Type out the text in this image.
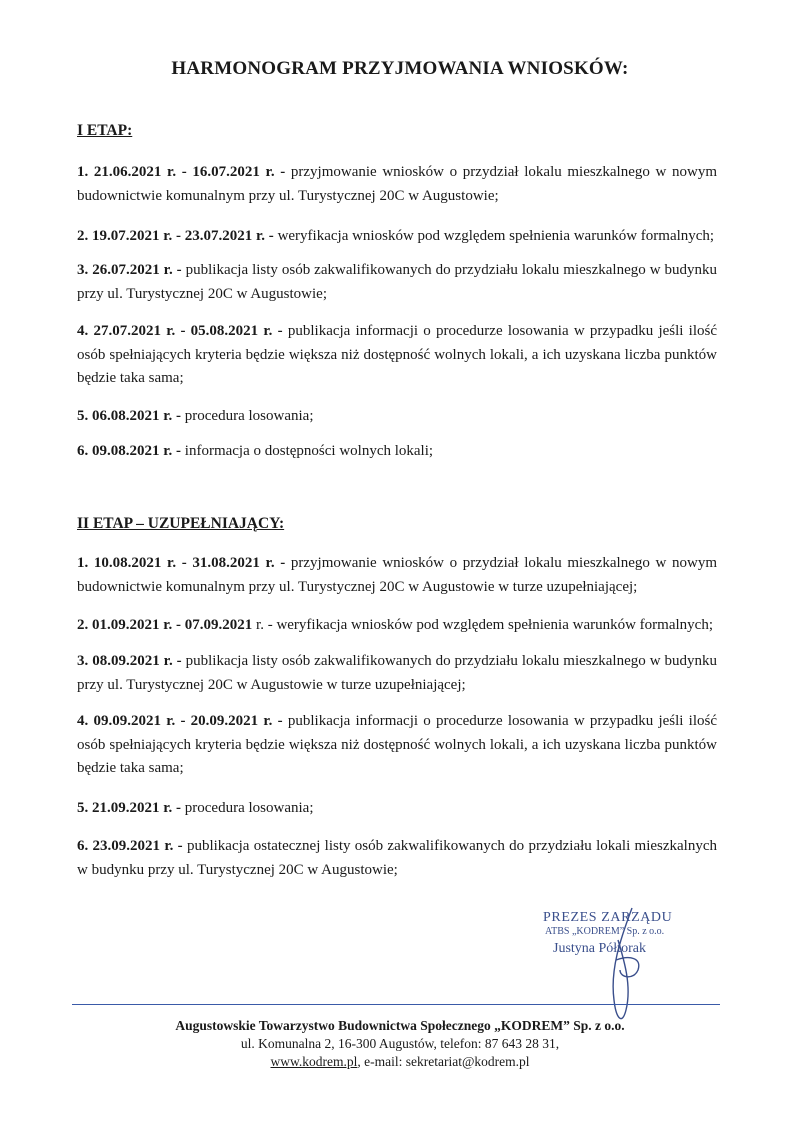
HARMONOGRAM PRZYJMOWANIA WNIOSKÓW:
I ETAP:
1. 21.06.2021 r. - 16.07.2021 r. - przyjmowanie wniosków o przydział lokalu mieszkalnego w nowym budownictwie komunalnym przy ul. Turystycznej 20C w Augustowie;
2. 19.07.2021 r. - 23.07.2021 r. - weryfikacja wniosków pod względem spełnienia warunków formalnych;
3. 26.07.2021 r. - publikacja listy osób zakwalifikowanych do przydziału lokalu mieszkalnego w budynku przy ul. Turystycznej 20C w Augustowie;
4. 27.07.2021 r. - 05.08.2021 r. - publikacja informacji o procedurze losowania w przypadku jeśli ilość osób spełniających kryteria będzie większa niż dostępność wolnych lokali, a ich uzyskana liczba punktów będzie taka sama;
5. 06.08.2021 r. - procedura losowania;
6. 09.08.2021 r. - informacja o dostępności wolnych lokali;
II ETAP – UZUPEŁNIAJĄCY:
1. 10.08.2021 r. - 31.08.2021 r. - przyjmowanie wniosków o przydział lokalu mieszkalnego w nowym budownictwie komunalnym przy ul. Turystycznej 20C w Augustowie w turze uzupełniającej;
2. 01.09.2021 r. - 07.09.2021 r. - weryfikacja wniosków pod względem spełnienia warunków formalnych;
3. 08.09.2021 r. - publikacja listy osób zakwalifikowanych do przydziału lokalu mieszkalnego w budynku przy ul. Turystycznej 20C w Augustowie w turze uzupełniającej;
4. 09.09.2021 r. - 20.09.2021 r. - publikacja informacji o procedurze losowania w przypadku jeśli ilość osób spełniających kryteria będzie większa niż dostępność wolnych lokali, a ich uzyskana liczba punktów będzie taka sama;
5. 21.09.2021 r. - procedura losowania;
6. 23.09.2021 r. - publikacja ostatecznej listy osób zakwalifikowanych do przydziału lokali mieszkalnych w budynku przy ul. Turystycznej 20C w Augustowie;
PREZES ZARZĄDU
ATBS „KODREM” Sp. z o.o.
Justyna Półtorak
Augustowskie Towarzystwo Budownictwa Społecznego „KODREM” Sp. z o.o.
ul. Komunalna 2, 16-300 Augustów, telefon: 87 643 28 31,
www.kodrem.pl, e-mail: sekretariat@kodrem.pl
